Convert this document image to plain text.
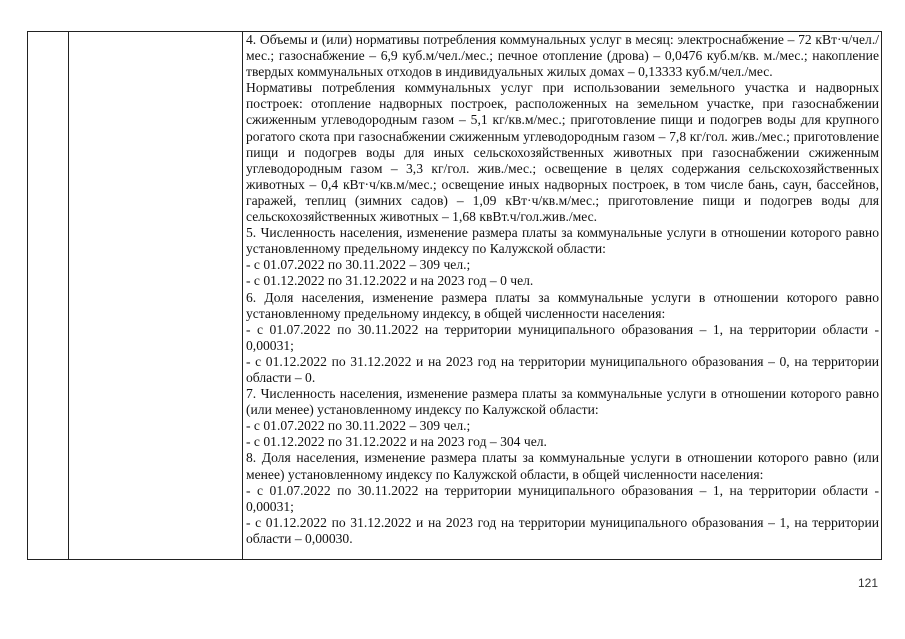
4. Объемы и (или) нормативы потребления коммунальных услуг в месяц: электроснабжение – 72 кВт·ч/чел./мес.; газоснабжение – 6,9 куб.м/чел./мес.; печное отопление (дрова) – 0,0476 куб.м/кв. м./мес.; накопление твердых коммунальных отходов в индивидуальных жилых домах – 0,13333 куб.м/чел./мес.

Нормативы потребления коммунальных услуг при использовании земельного участка и надворных построек: отопление надворных построек, расположенных на земельном участке, при газоснабжении сжиженным углеводородным газом – 5,1 кг/кв.м/мес.; приготовление пищи и подогрев воды для крупного рогатого скота при газоснабжении сжиженным углеводородным газом – 7,8 кг/гол. жив./мес.; приготовление пищи и подогрев воды для иных сельскохозяйственных животных при газоснабжении сжиженным углеводородным газом – 3,3 кг/гол. жив./мес.; освещение в целях содержания сельскохозяйственных животных – 0,4 кВт·ч/кв.м/мес.; освещение иных надворных построек, в том числе бань, саун, бассейнов, гаражей, теплиц (зимних садов) – 1,09 кВт·ч/кв.м/мес.; приготовление пищи и подогрев воды для сельскохозяйственных животных – 1,68 квВт.ч/гол.жив./мес.

5. Численность населения, изменение размера платы за коммунальные услуги в отношении которого равно установленному предельному индексу по Калужской области:

- с 01.07.2022 по 30.11.2022 – 309 чел.;

- с 01.12.2022 по 31.12.2022 и на 2023 год – 0 чел.

6. Доля населения, изменение размера платы за коммунальные услуги в отношении которого равно установленному предельному индексу, в общей численности населения:

- с 01.07.2022 по 30.11.2022 на территории муниципального образования – 1, на территории области - 0,00031;

- с 01.12.2022 по 31.12.2022 и на 2023 год на территории муниципального образования – 0, на территории области – 0.

7. Численность населения, изменение размера платы за коммунальные услуги в отношении которого равно (или менее) установленному индексу по Калужской области:

- с 01.07.2022 по 30.11.2022 – 309 чел.;

- с 01.12.2022 по 31.12.2022 и на 2023 год – 304 чел.

8. Доля населения, изменение размера платы за коммунальные услуги в отношении которого равно (или менее) установленному индексу по Калужской области, в общей численности населения:

- с 01.07.2022 по 30.11.2022 на территории муниципального образования – 1, на территории области - 0,00031;

- с 01.12.2022 по 31.12.2022 и на 2023 год на территории муниципального образования – 1, на территории области – 0,00030.

121
